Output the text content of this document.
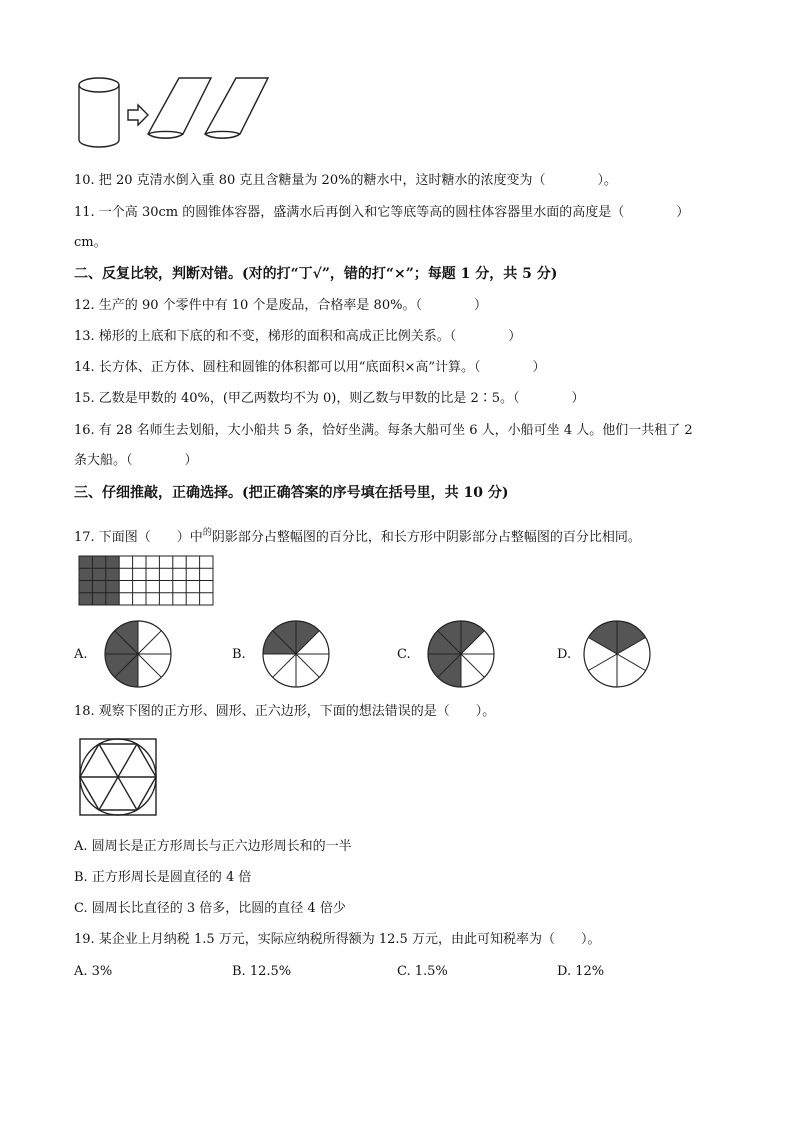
10. 把 20 克清水倒入重 80 克且含糖量为 20%的糖水中，这时糖水的浓度变为（　　　　）。
11. 一个高 30cm 的圆锥体容器，盛满水后再倒入和它等底等高的圆柱体容器里水面的高度是（　　　　）
cm。
二、反复比较，判断对错。(对的打“丁√”，错的打“×”；每题 1 分，共 5 分)
12. 生产的 90 个零件中有 10 个是废品，合格率是 80%。（　　　　）
13. 梯形的上底和下底的和不变，梯形的面积和高成正比例关系。（　　　　）
14. 长方体、正方体、圆柱和圆锥的体积都可以用“底面积×高”计算。（　　　　）
15. 乙数是甲数的 40%，(甲乙两数均不为 0)，则乙数与甲数的比是 2∶5。（　　　　）
16. 有 28 名师生去划船，大小船共 5 条，恰好坐满。每条大船可坐 6 人，小船可坐 4 人。他们一共租了 2
条大船。（　　　　）
三、仔细推敲，正确选择。(把正确答案的序号填在括号里，共 10 分)
17. 下面图（　　）中$^的$阴影部分占整幅图的百分比，和长方形中阴影部分占整幅图的百分比相同。
A.	B.	C.	D.
18. 观察下图的正方形、圆形、正六边形，下面的想法错误的是（　　）。
A. 圆周长是正方形周长与正六边形周长和的一半
B. 正方形周长是圆直径的 4 倍
C. 圆周长比直径的 3 倍多，比圆的直径 4 倍少
19. 某企业上月纳税 1.5 万元，实际应纳税所得额为 12.5 万元，由此可知税率为（　　）。
A. 3%	B. 12.5%	C. 1.5%	D. 12%
